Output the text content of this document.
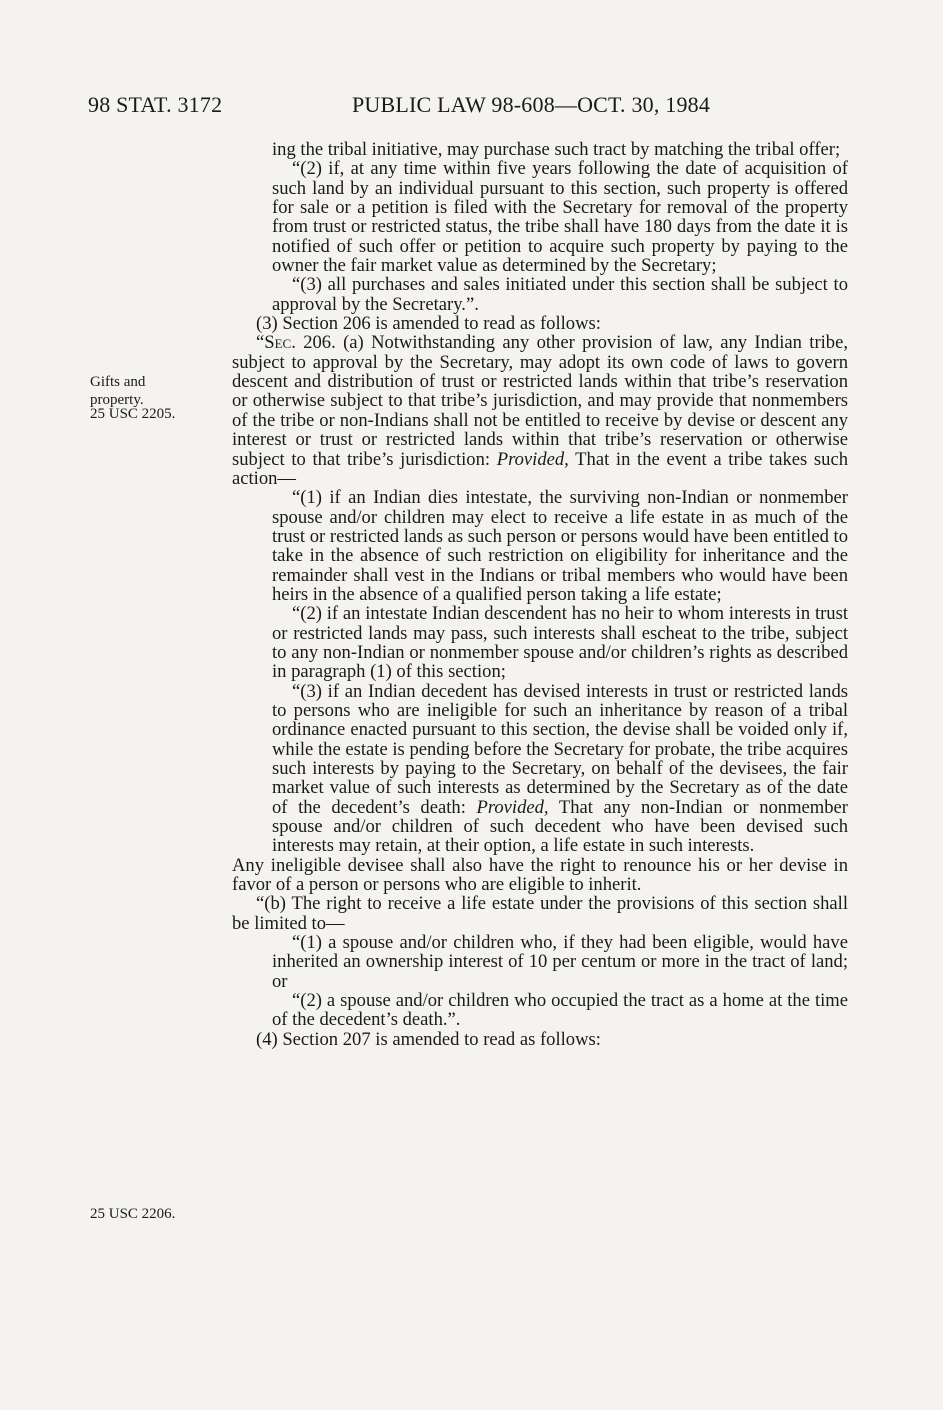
98 STAT. 3172	PUBLIC LAW 98-608—OCT. 30, 1984
Gifts and
property.
25 USC 2205.
25 USC 2206.

ing the tribal initiative, may purchase such tract by matching the tribal offer;

“(2) if, at any time within five years following the date of acquisition of such land by an individual pursuant to this section, such property is offered for sale or a petition is filed with the Secretary for removal of the property from trust or restricted status, the tribe shall have 180 days from the date it is notified of such offer or petition to acquire such property by paying to the owner the fair market value as determined by the Secretary;

“(3) all purchases and sales initiated under this section shall be subject to approval by the Secretary.”.

(3) Section 206 is amended to read as follows:

“Sec. 206. (a) Notwithstanding any other provision of law, any Indian tribe, subject to approval by the Secretary, may adopt its own code of laws to govern descent and distribution of trust or restricted lands within that tribe’s reservation or otherwise subject to that tribe’s jurisdiction, and may provide that nonmembers of the tribe or non-Indians shall not be entitled to receive by devise or descent any interest or trust or restricted lands within that tribe’s reservation or otherwise subject to that tribe’s jurisdiction: Provided, That in the event a tribe takes such action—

“(1) if an Indian dies intestate, the surviving non-Indian or nonmember spouse and/or children may elect to receive a life estate in as much of the trust or restricted lands as such person or persons would have been entitled to take in the absence of such restriction on eligibility for inheritance and the remainder shall vest in the Indians or tribal members who would have been heirs in the absence of a qualified person taking a life estate;

“(2) if an intestate Indian descendent has no heir to whom interests in trust or restricted lands may pass, such interests shall escheat to the tribe, subject to any non-Indian or nonmember spouse and/or children’s rights as described in paragraph (1) of this section;

“(3) if an Indian decedent has devised interests in trust or restricted lands to persons who are ineligible for such an inheritance by reason of a tribal ordinance enacted pursuant to this section, the devise shall be voided only if, while the estate is pending before the Secretary for probate, the tribe acquires such interests by paying to the Secretary, on behalf of the devisees, the fair market value of such interests as determined by the Secretary as of the date of the decedent’s death: Provided, That any non-Indian or nonmember spouse and/or children of such decedent who have been devised such interests may retain, at their option, a life estate in such interests.

Any ineligible devisee shall also have the right to renounce his or her devise in favor of a person or persons who are eligible to inherit.

“(b) The right to receive a life estate under the provisions of this section shall be limited to—

“(1) a spouse and/or children who, if they had been eligible, would have inherited an ownership interest of 10 per centum or more in the tract of land; or

“(2) a spouse and/or children who occupied the tract as a home at the time of the decedent’s death.”.

(4) Section 207 is amended to read as follows:
